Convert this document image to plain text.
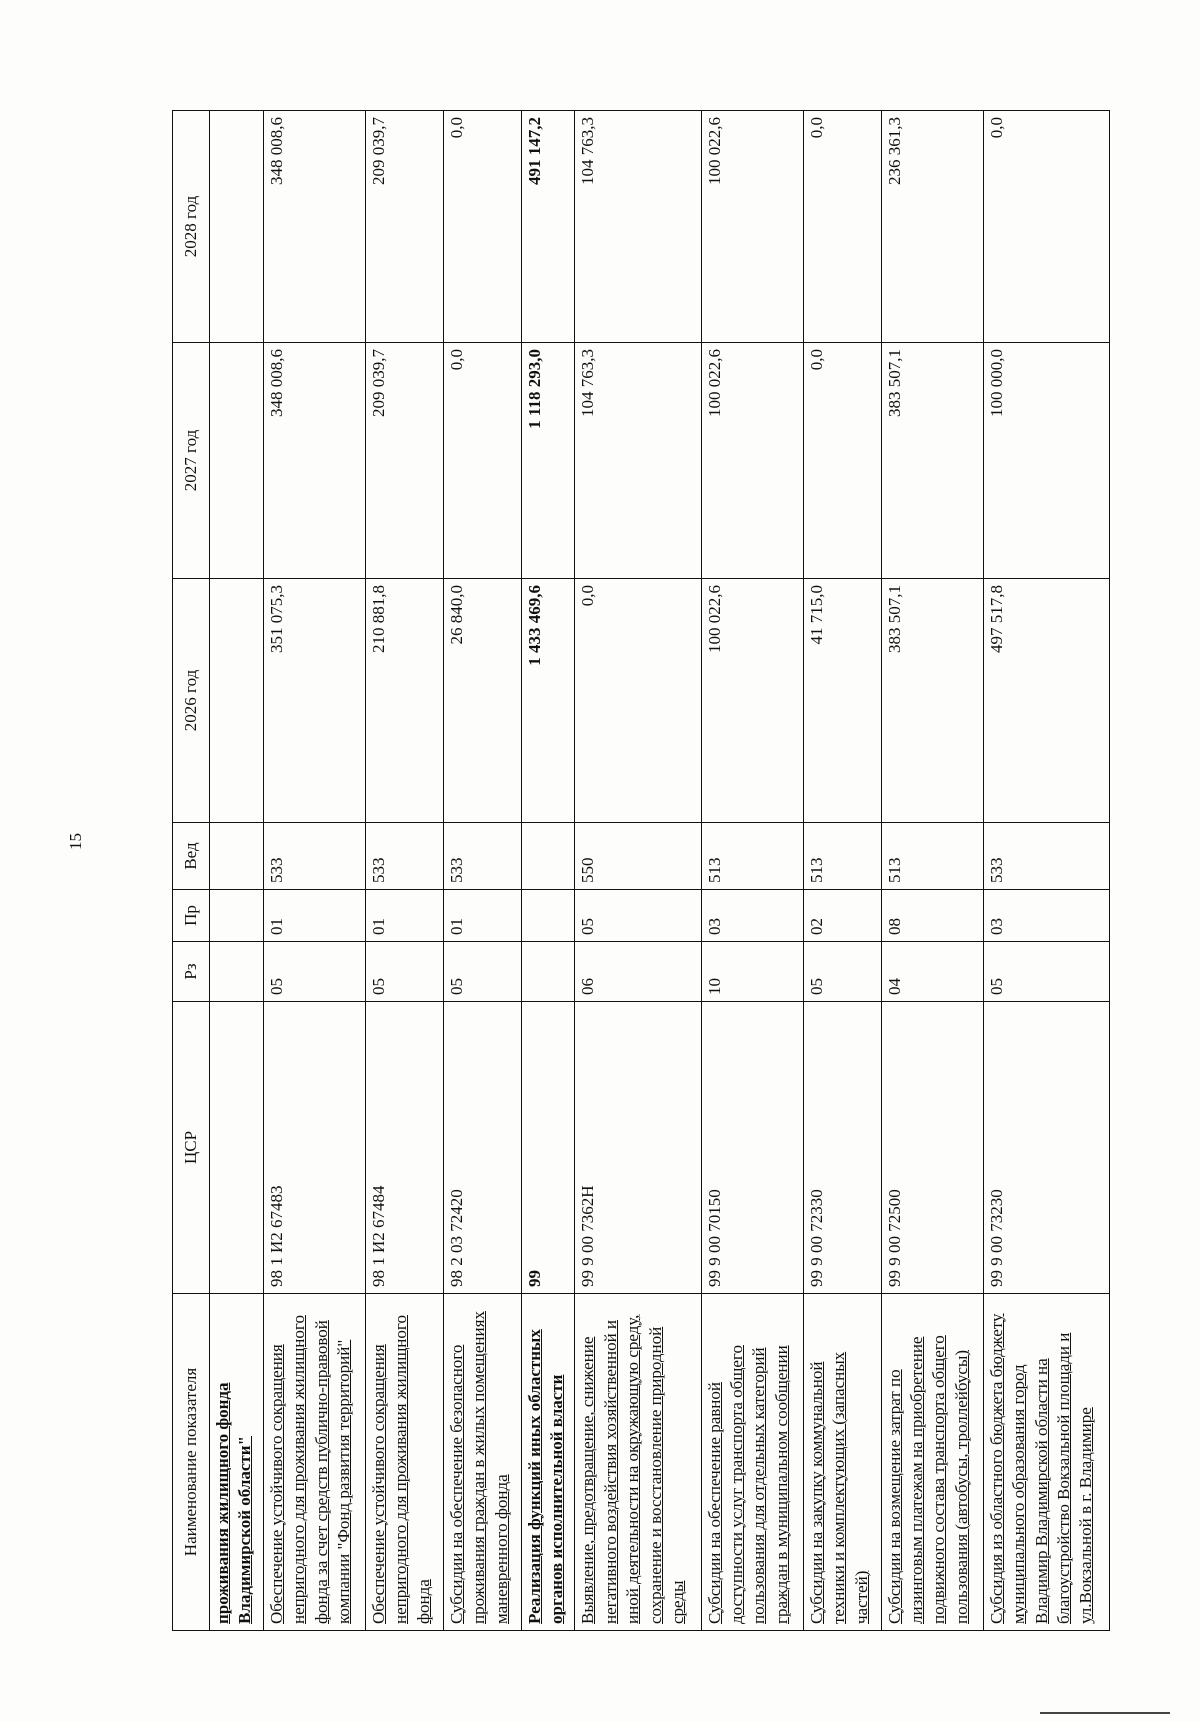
15
Наименование показателя	ЦСР	Рз	Пр	Вед	2026 год	2027 год	2028 год
проживания жилищного фонда Владимирской области"							
Обеспечение устойчивого сокращения непригодного для проживания жилищного фонда за счет средств публично-правовой компании "Фонд развития территорий"	98 1 И2 67483	05	01	533	351 075,3	348 008,6	348 008,6
Обеспечение устойчивого сокращения непригодного для проживания жилищного фонда	98 1 И2 67484	05	01	533	210 881,8	209 039,7	209 039,7
Субсидии на обеспечение безопасного проживания граждан в жилых помещениях маневренного фонда	98 2 03 72420	05	01	533	26 840,0	0,0	0,0
Реализация функций иных областных органов исполнительной власти	99				1 433 469,6	1 118 293,0	491 147,2
Выявление, предотвращение, снижение негативного воздействия хозяйственной и иной деятельности на окружающую среду, сохранение и восстановление природной среды	99 9 00 7362Н	06	05	550	0,0	104 763,3	104 763,3
Субсидии на обеспечение равной доступности услуг транспорта общего пользования для отдельных категорий граждан в муниципальном сообщении	99 9 00 70150	10	03	513	100 022,6	100 022,6	100 022,6
Субсидии на закупку коммунальной техники и комплектующих (запасных частей)	99 9 00 72330	05	02	513	41 715,0	0,0	0,0
Субсидии на возмещение затрат по лизинговым платежам на приобретение подвижного состава транспорта общего пользования (автобусы, троллейбусы)	99 9 00 72500	04	08	513	383 507,1	383 507,1	236 361,3
Субсидия из областного бюджета бюджету муниципального образования город Владимир Владимирской области на благоустройство Вокзальной площади и ул.Вокзальной в г. Владимире	99 9 00 73230	05	03	533	497 517,8	100 000,0	0,0
